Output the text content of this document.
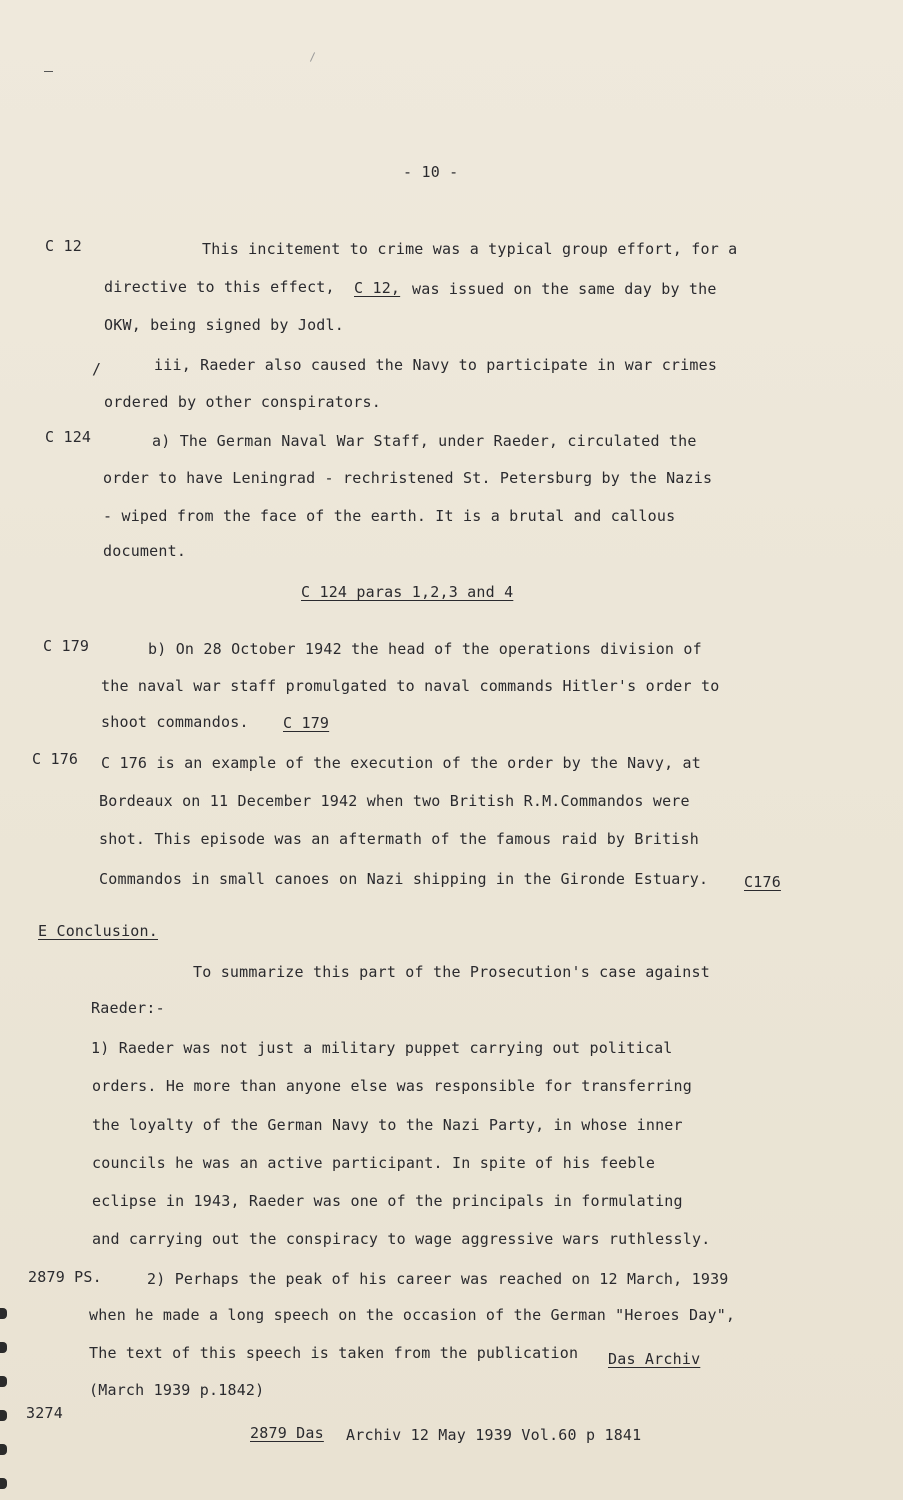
- 10 -
C 12	This incitement to crime was a typical group effort, for a
directive to this effect, C 12, was issued on the same day by the
OKW, being signed by Jodl.
/	iii, Raeder also caused the Navy to participate in war crimes
ordered by other conspirators.
C 124	a) The German Naval War Staff, under Raeder, circulated the
order to have Leningrad - rechristened St. Petersburg by the Nazis
- wiped from the face of the earth. It is a brutal and callous
document.
C 124 paras 1,2,3 and 4
C 179	b) On 28 October 1942 the head of the operations division of
the naval war staff promulgated to naval commands Hitler's order to
shoot commandos. C 179
C 176 C 176 is an example of the execution of the order by the Navy, at
Bordeaux on 11 December 1942 when two British R.M.Commandos were
shot. This episode was an aftermath of the famous raid by British
Commandos in small canoes on Nazi shipping in the Gironde Estuary. C176
E Conclusion.
To summarize this part of the Prosecution's case against
Raeder:-
1) Raeder was not just a military puppet carrying out political
orders. He more than anyone else was responsible for transferring
the loyalty of the German Navy to the Nazi Party, in whose inner
councils he was an active participant. In spite of his feeble
eclipse in 1943, Raeder was one of the principals in formulating
and carrying out the conspiracy to wage aggressive wars ruthlessly.
2879 PS.	2) Perhaps the peak of his career was reached on 12 March, 1939
when he made a long speech on the occasion of the German "Heroes Day",
The text of this speech is taken from the publication Das Archiv
(March 1939 p.1842)
3274
2879 Das Archiv 12 May 1939 Vol.60 p 1841
